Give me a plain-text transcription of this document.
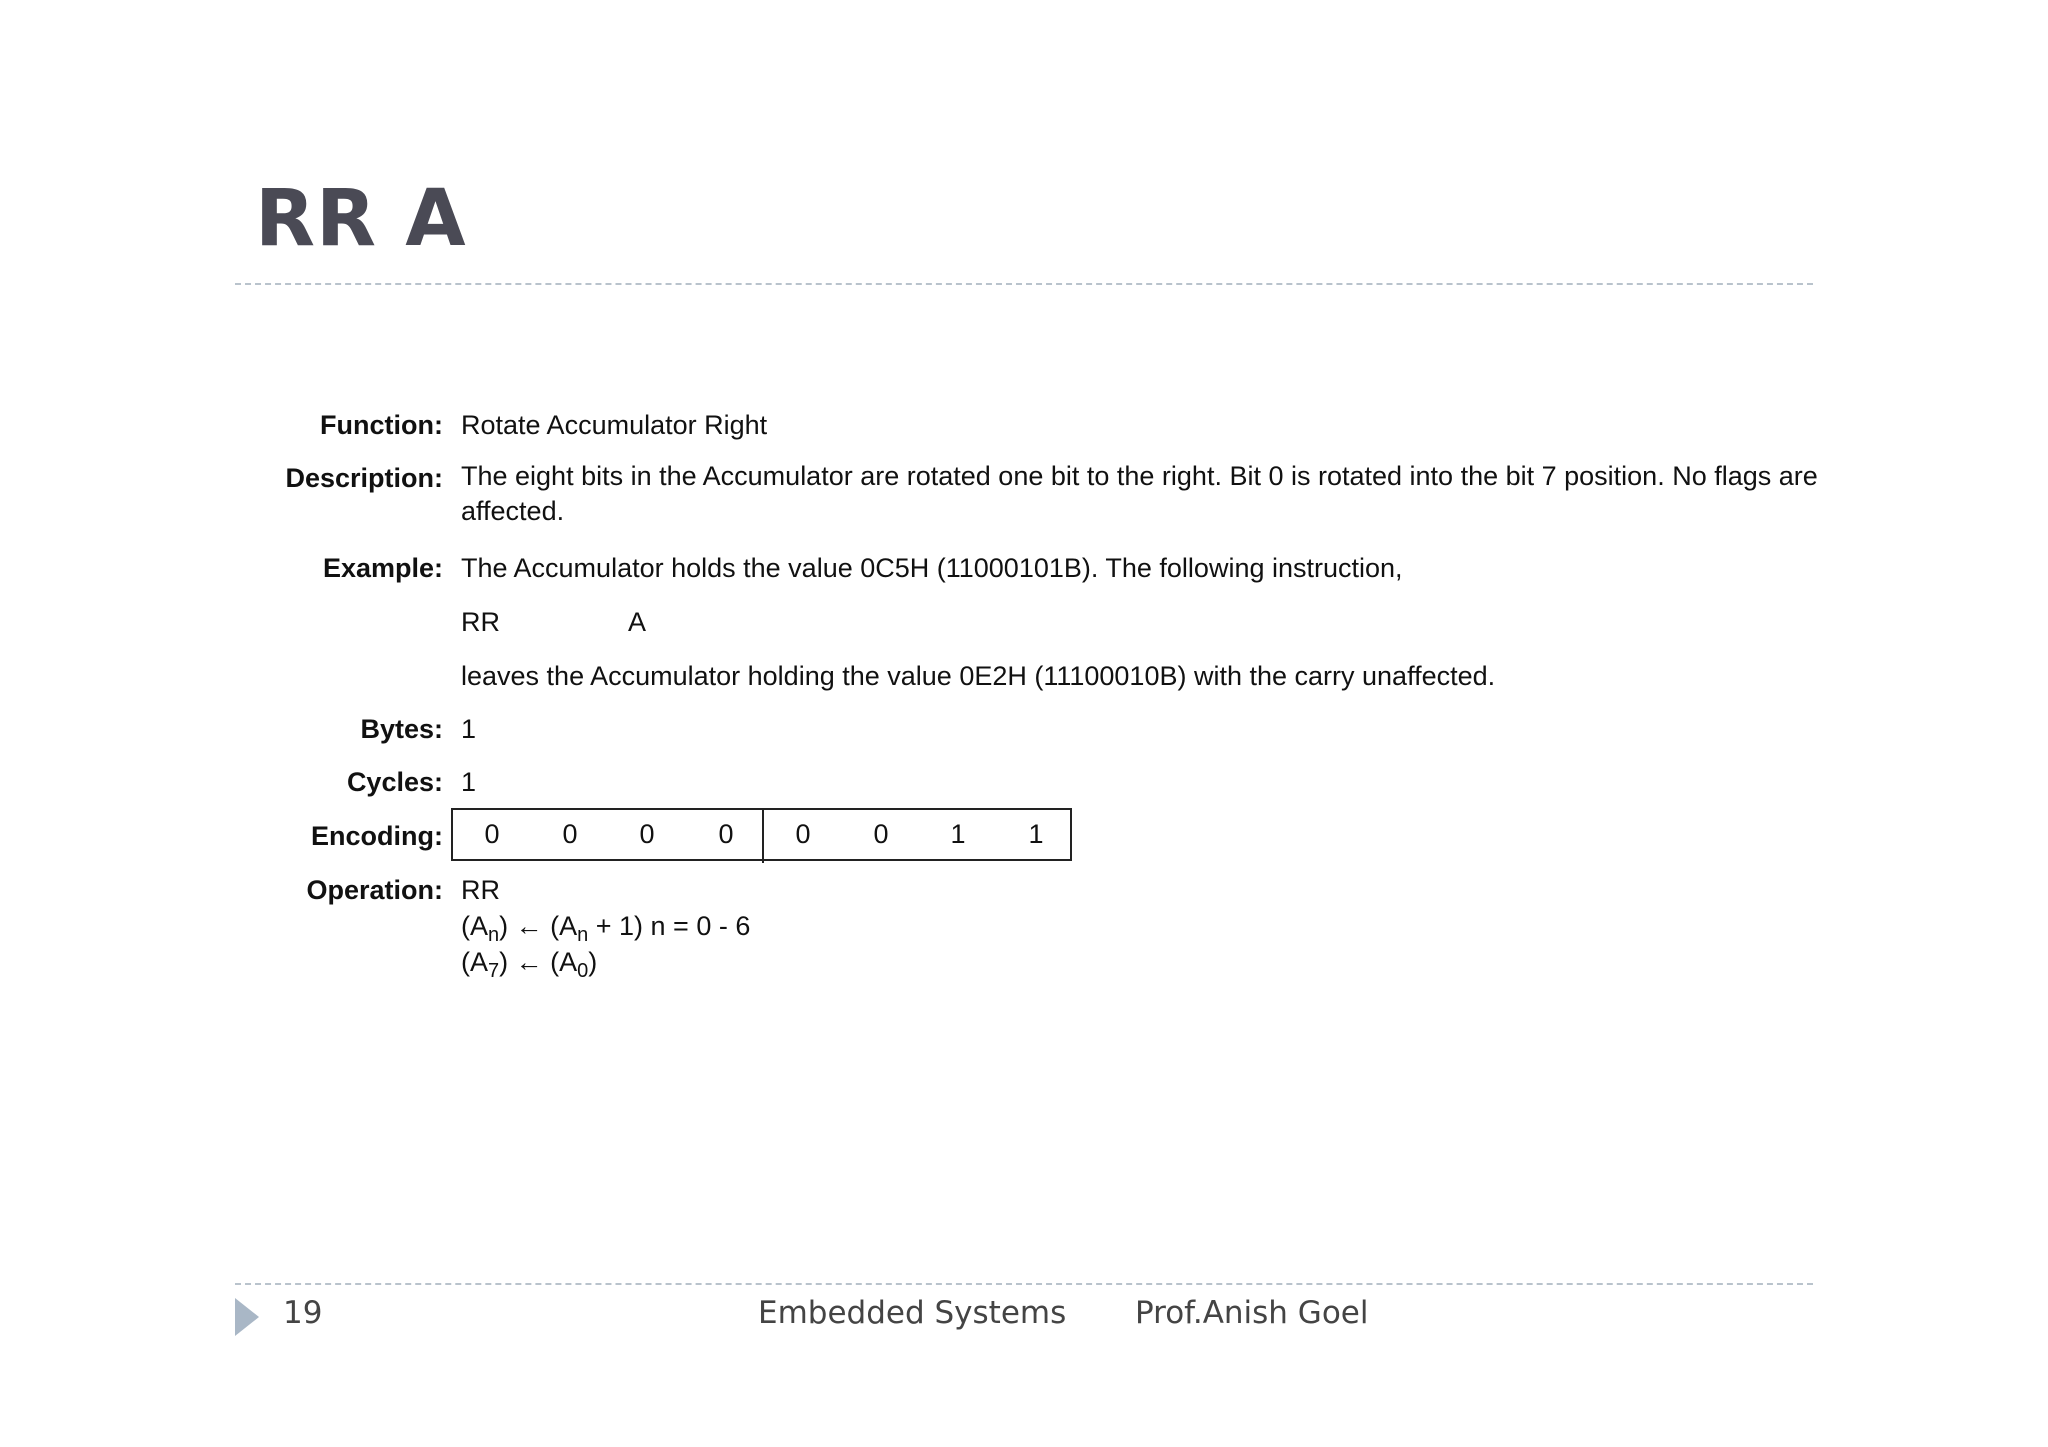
RR A
Function: Rotate Accumulator Right
Description: The eight bits in the Accumulator are rotated one bit to the right. Bit 0 is rotated into the bit 7 position. No flags are affected.
Example: The Accumulator holds the value 0C5H (11000101B). The following instruction,
RR	A
leaves the Accumulator holding the value 0E2H (11100010B) with the carry unaffected.
Bytes: 1
Cycles: 1
Encoding:	0	0	0	0	0	0	1	1
Operation: RR
$(A_n)$ ← $(A_n + 1) n = 0 - 6$
$(A_7)$ ← $(A_0)$
19	Embedded Systems Prof.Anish Goel
